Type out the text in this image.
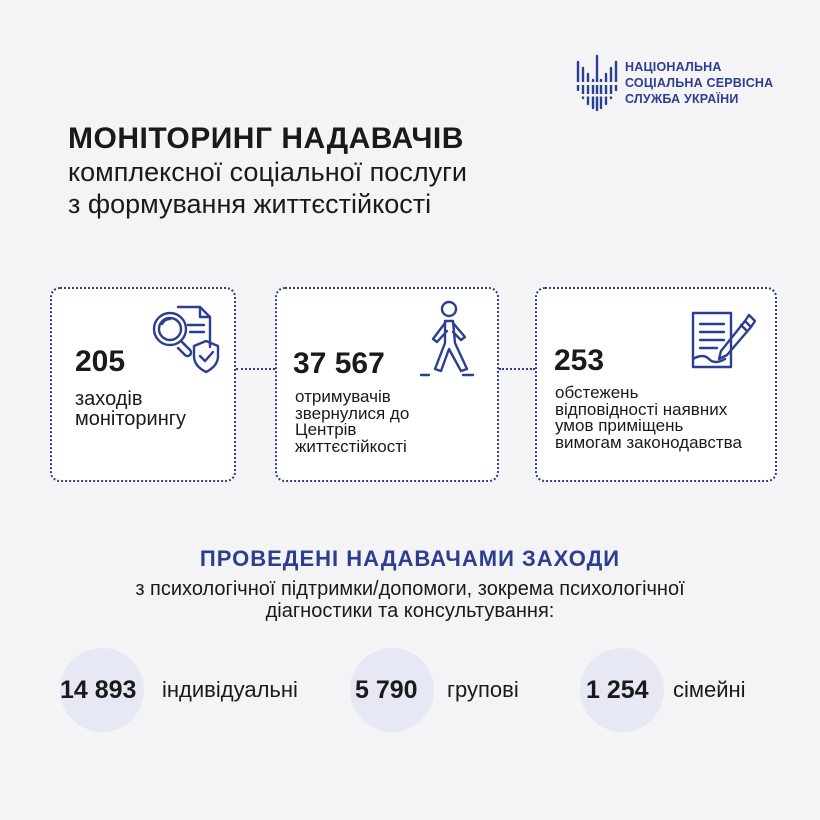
НАЦІОНАЛЬНА
СОЦІАЛЬНА СЕРВІСНА
СЛУЖБА УКРАЇНИ
МОНІТОРИНГ НАДАВАЧІВ
комплексної соціальної послуги
з формування життєстійкості
205
заходів
моніторингу
37 567
отримувачів
звернулися до
Центрів
життєстійкості
253
обстежень
відповідності наявних
умов приміщень
вимогам законодавства
ПРОВЕДЕНІ НАДАВАЧАМИ ЗАХОДИ
з психологічної підтримки/допомоги, зокрема психологічної
діагностики та консультування:
14 893 індивідуальні 5 790 групові	1 254 сімейні
